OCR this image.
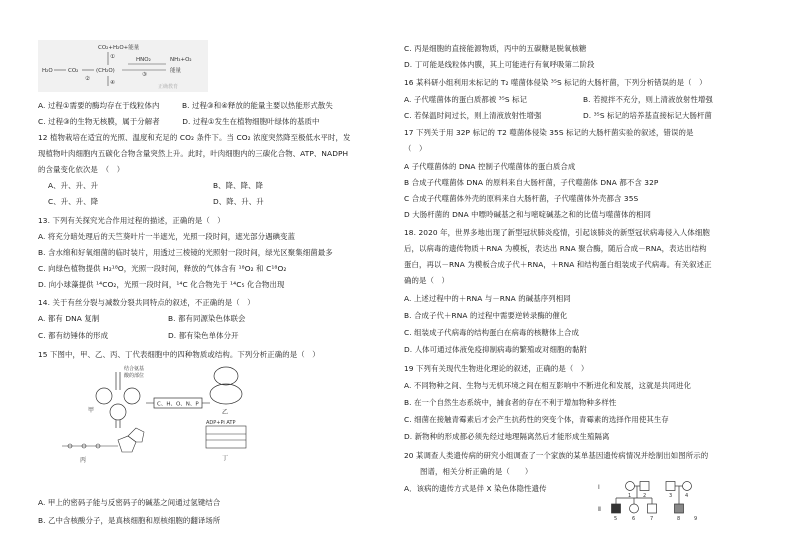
CO₂+H₂O+能量
HNO₂	NH₃+O₂
H₂O	CO₂	(CH₂O)	能量
①
②
③
④
正确教育
A. 过程①需要的酶均存在于线粒体内　　　B. 过程③和④释放的能量主要以热能形式散失
C. 过程③的生物无核膜，属于分解者　　　D. 过程①发生在植物细胞叶绿体的基质中
12 植物栽培在适宜的光照、温度和充足的 CO₂ 条件下。当 CO₂ 浓度突然降至极低水平时，发
现植物叶肉细胞内五碳化合物含量突然上升。此时，叶肉细胞内的三碳化合物、ATP、NADPH
的含量变化依次是　（　）
A、升、升、升	B、降、降、降
C、升、升、降	D、降、升、升
13. 下列有关探究光合作用过程的描述，正确的是（　）
A. 将充分暗处理后的天竺葵叶片一半遮光，光照一段时间，遮光部分遇碘变蓝
B. 含水绵和好氧细菌的临时装片，用透过三棱镜的光照射一段时间，绿光区聚集细菌最多
C. 向绿色植物提供 H₂¹⁸O，光照一段时间，释放的气体含有 ¹⁸O₂ 和 C¹⁸O₂
D. 向小球藻提供 ¹⁴CO₂，光照一段时间，¹⁴C 化合物先于 ¹⁴C₅ 化合物出现
14. 关于有丝分裂与减数分裂共同特点的叙述，不正确的是（　）
A. 都有 DNA 复制	B. 都有同源染色体联会
C. 都有纺锤体的形成	D. 都有染色单体分开
15 下图中，甲、乙、丙、丁代表细胞中的四种物质或结构。下列分析正确的是（　）
结合氨基
酸的部位
甲
丙
C、H、O、N、P
乙
ADP+Pi ATP
丁
A. 甲上的密码子能与反密码子的碱基之间通过氢键结合
B. 乙中含核酸分子，是真核细胞和原核细胞的翻译场所
C. 丙是细胞的直接能源物质，丙中的五碳糖是脱氧核糖
D. 丁可能是线粒体内膜，其上可能进行有氧呼吸第二阶段
16 某科研小组利用未标记的 T₂ 噬菌体侵染 ³⁵S 标记的大肠杆菌，下列分析错误的是（　）
A. 子代噬菌体的蛋白质都被 ³⁵S 标记	B. 若搅拌不充分，则上清液放射性增强
C. 若保温时间过长，则上清液放射性增强	D. ³⁵S 标记的培养基直接标记大肠杆菌
17 下列关于用 32P 标记的 T2 噬菌体侵染 35S 标记的大肠杆菌实验的叙述，错误的是
（　）
A 子代噬菌体的 DNA 控制子代噬菌体的蛋白质合成
B 合成子代噬菌体 DNA 的原料来自大肠杆菌，子代噬菌体 DNA 都不含 32P
C 合成子代噬菌体外壳的原料来自大肠杆菌，子代噬菌体外壳都含 35S
D 大肠杆菌的 DNA 中嘌呤碱基之和与嘧啶碱基之和的比值与噬菌体的相同
18. 2020 年，世界多地出现了新型冠状肺炎疫情，引起该肺炎的新型冠状病毒侵入人体细胞
后，以病毒的遗传物质＋RNA 为模板，表达出 RNA 聚合酶，随后合成－RNA，表达出结构
蛋白，再以－RNA 为模板合成子代＋RNA，＋RNA 和结构蛋白组装成子代病毒。有关叙述正
确的是（　）
A. 上述过程中的＋RNA 与－RNA 的碱基序列相同
B. 合成子代＋RNA 的过程中需要逆转录酶的催化
C. 组装成子代病毒的结构蛋白在病毒的核糖体上合成
D. 人体可通过体液免疫抑制病毒的繁殖或对细胞的黏附
19 下列有关现代生物进化理论的叙述，正确的是（　）
A. 不同物种之间、生物与无机环境之间在相互影响中不断进化和发展，这就是共同进化
B. 在一个自然生态系统中，捕食者的存在不利于增加物种多样性
C. 细菌在接触青霉素后才会产生抗药性的突变个体，青霉素的选择作用使其生存
D. 新物种的形成都必须先经过地理隔离然后才能形成生殖隔离
20 某调查人类遗传病的研究小组调查了一个家族的某单基因遗传病情况并绘制出如图所示的
图谱，相关分析正确的是（　　）
A．该病的遗传方式是伴 X 染色体隐性遗传	Ⅰ
Ⅱ
1 2	3	4
5	6	7	8	9
